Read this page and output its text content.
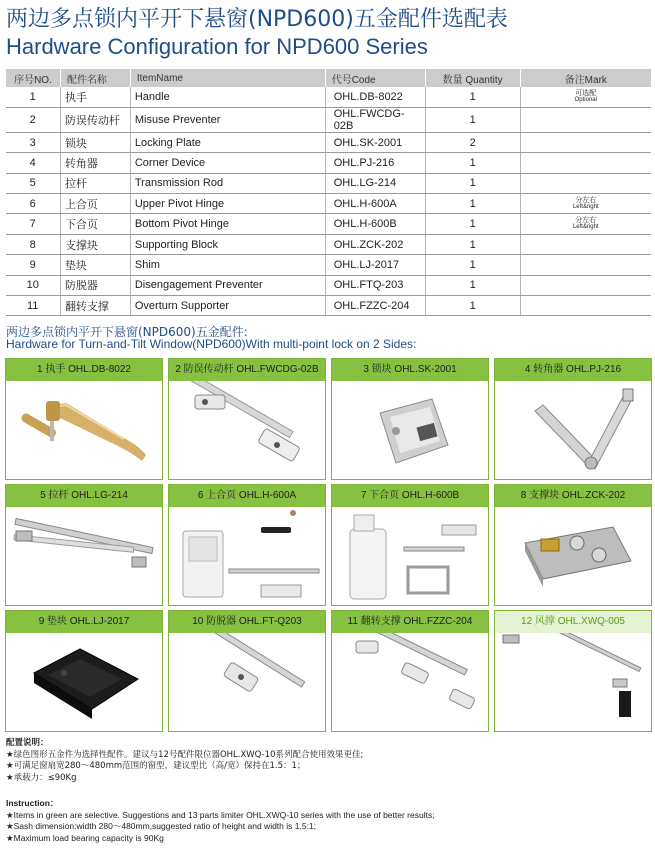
两边多点锁内平开下悬窗(NPD600)五金配件选配表
Hardware Configuration for NPD600 Series
序号NO.	配件名称	ItemName	代号Code	数量 Quantity	备注Mark
1	执手	Handle	OHL.DB-8022	1	可选配
Optional

2	防误传动杆	Misuse Preventer	OHL.FWCDG-02B	1	

3	锁块	Locking Plate	OHL.SK-2001	2	

4	转角器	Corner Device	OHL.PJ-216	1	

5	拉杆	Transmission Rod	OHL.LG-214	1	

6	上合页	Upper Pivot Hinge	OHL.H-600A	1	分左右
Left&right

7	下合页	Bottom Pivot Hinge	OHL.H-600B	1	分左右
Left&right

8	支撑块	Supporting Block	OHL.ZCK-202	1	

9	垫块	Shim	OHL.LJ-2017	1	

10	防脱器	Disengagement Preventer	OHL.FTQ-203	1	

11	翻转支撑	Overturn Supporter	OHL.FZZC-204	1	
两边多点锁内平开下悬窗(NPD600)五金配件:
Hardware for Turn-and-Tilt Window(NPD600)With multi-point lock on 2 Sides:
1 执手 OHL.DB-8022	2 防误传动杆 OHL.FWCDG-02B	3 锁块 OHL.SK-2001	4 转角器 OHL.PJ-216
5 拉杆 OHL.LG-214	6 上合页 OHL.H-600A	7 下合页 OHL.H-600B	8 支撑块 OHL.ZCK-202
9 垫块 OHL.LJ-2017	10 防脱器 OHL.FT-Q203	11 翻转支撑 OHL.FZZC-204	12 风撑 OHL.XWQ-005
配置说明：
★绿色图形五金件为选择性配件。建议与12号配件限位器OHL.XWQ-10系列配合使用效果更佳;
★可满足窗扇宽280～480mm范围的窗型，建议型比（高/宽）保持在1.5：1；
★承载力：≤90Kg
Instruction：
★Items in green are selective. Suggestions and 13 parts limiter OHL.XWQ-10 series with the use of better results;
★Sash dimension:width 280～480mm,suggested ratio of height and width is 1.5:1;
★Maximum load bearing capacity is 90Kg
